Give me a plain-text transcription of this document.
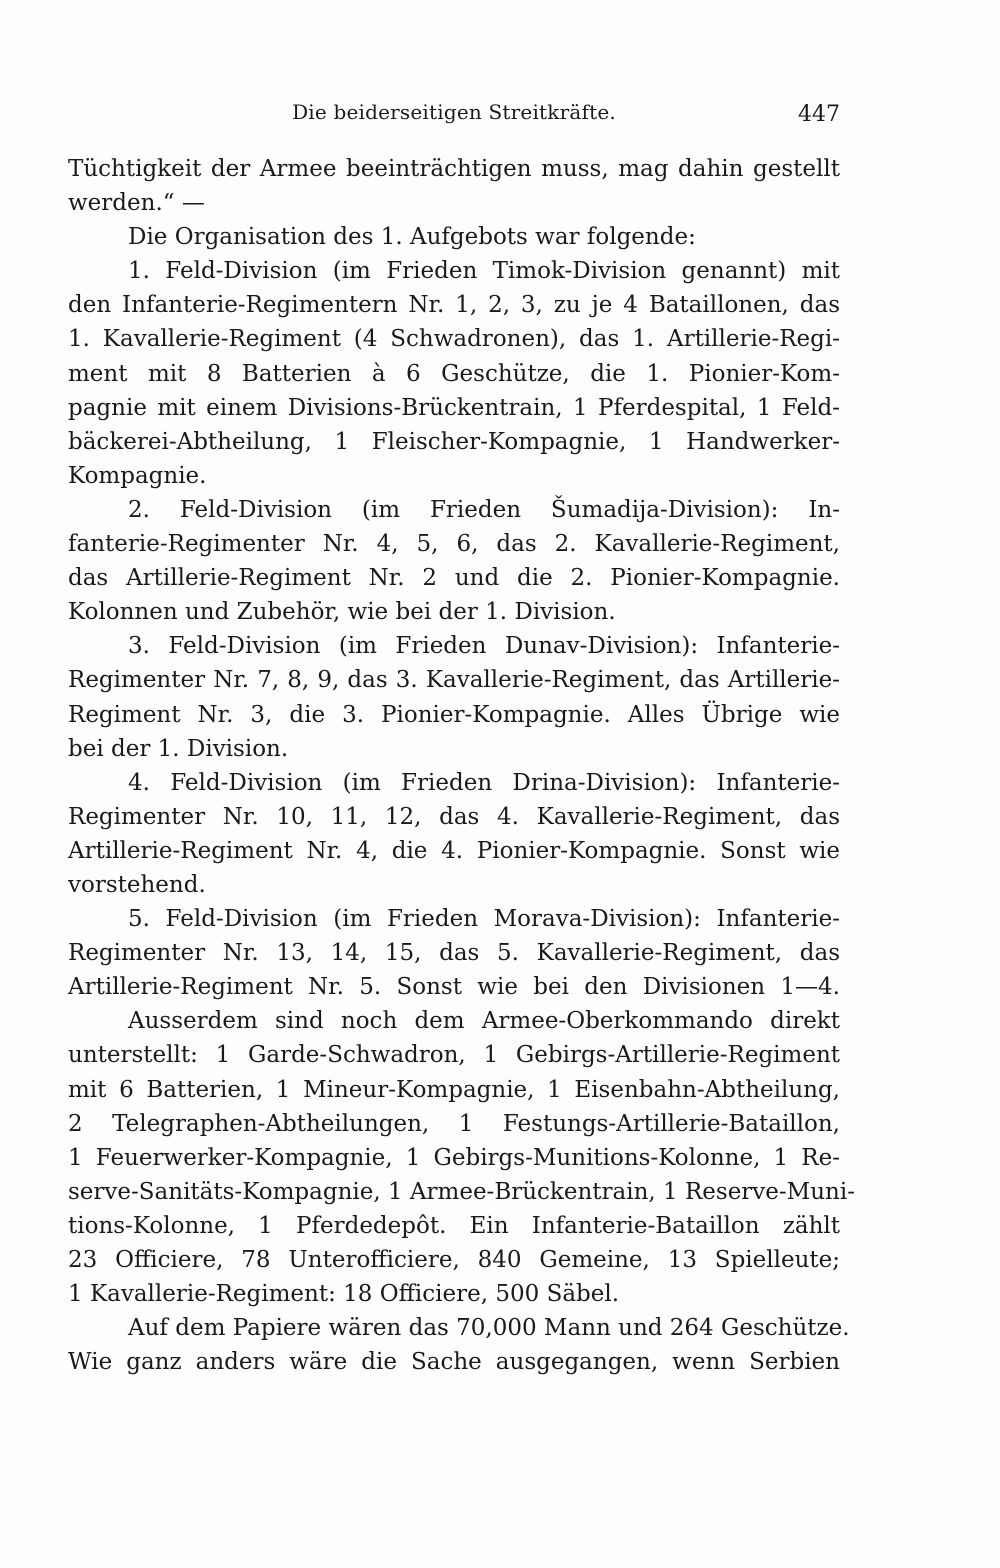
Die beiderseitigen Streitkräfte.	447
Tüchtigkeit der Armee beeinträchtigen muss, mag dahin gestellt
werden.“ —
Die Organisation des 1. Aufgebots war folgende:
1. Feld-Division (im Frieden Timok-Division genannt) mit
den Infanterie-Regimentern Nr. 1, 2, 3, zu je 4 Bataillonen, das
1. Kavallerie-Regiment (4 Schwadronen), das 1. Artillerie-Regi-
ment mit 8 Batterien à 6 Geschütze, die 1. Pionier-Kom-
pagnie mit einem Divisions-Brückentrain, 1 Pferdespital, 1 Feld-
bäckerei-Abtheilung, 1 Fleischer-Kompagnie, 1 Handwerker-
Kompagnie.
2. Feld-Division (im Frieden Šumadija-Division): In-
fanterie-Regimenter Nr. 4, 5, 6, das 2. Kavallerie-Regiment,
das Artillerie-Regiment Nr. 2 und die 2. Pionier-Kompagnie.
Kolonnen und Zubehör, wie bei der 1. Division.
3. Feld-Division (im Frieden Dunav-Division): Infanterie-
Regimenter Nr. 7, 8, 9, das 3. Kavallerie-Regiment, das Artillerie-
Regiment Nr. 3, die 3. Pionier-Kompagnie. Alles Übrige wie
bei der 1. Division.
4. Feld-Division (im Frieden Drina-Division): Infanterie-
Regimenter Nr. 10, 11, 12, das 4. Kavallerie-Regiment, das
Artillerie-Regiment Nr. 4, die 4. Pionier-Kompagnie. Sonst wie
vorstehend.
5. Feld-Division (im Frieden Morava-Division): Infanterie-
Regimenter Nr. 13, 14, 15, das 5. Kavallerie-Regiment, das
Artillerie-Regiment Nr. 5. Sonst wie bei den Divisionen 1—4.
Ausserdem sind noch dem Armee-Oberkommando direkt
unterstellt: 1 Garde-Schwadron, 1 Gebirgs-Artillerie-Regiment
mit 6 Batterien, 1 Mineur-Kompagnie, 1 Eisenbahn-Abtheilung,
2 Telegraphen-Abtheilungen, 1 Festungs-Artillerie-Bataillon,
1 Feuerwerker-Kompagnie, 1 Gebirgs-Munitions-Kolonne, 1 Re-
serve-Sanitäts-Kompagnie, 1 Armee-Brückentrain, 1 Reserve-Muni-
tions-Kolonne, 1 Pferdedepôt. Ein Infanterie-Bataillon zählt
23 Officiere, 78 Unterofficiere, 840 Gemeine, 13 Spielleute;
1 Kavallerie-Regiment: 18 Officiere, 500 Säbel.
Auf dem Papiere wären das 70,000 Mann und 264 Geschütze.
Wie ganz anders wäre die Sache ausgegangen, wenn Serbien
